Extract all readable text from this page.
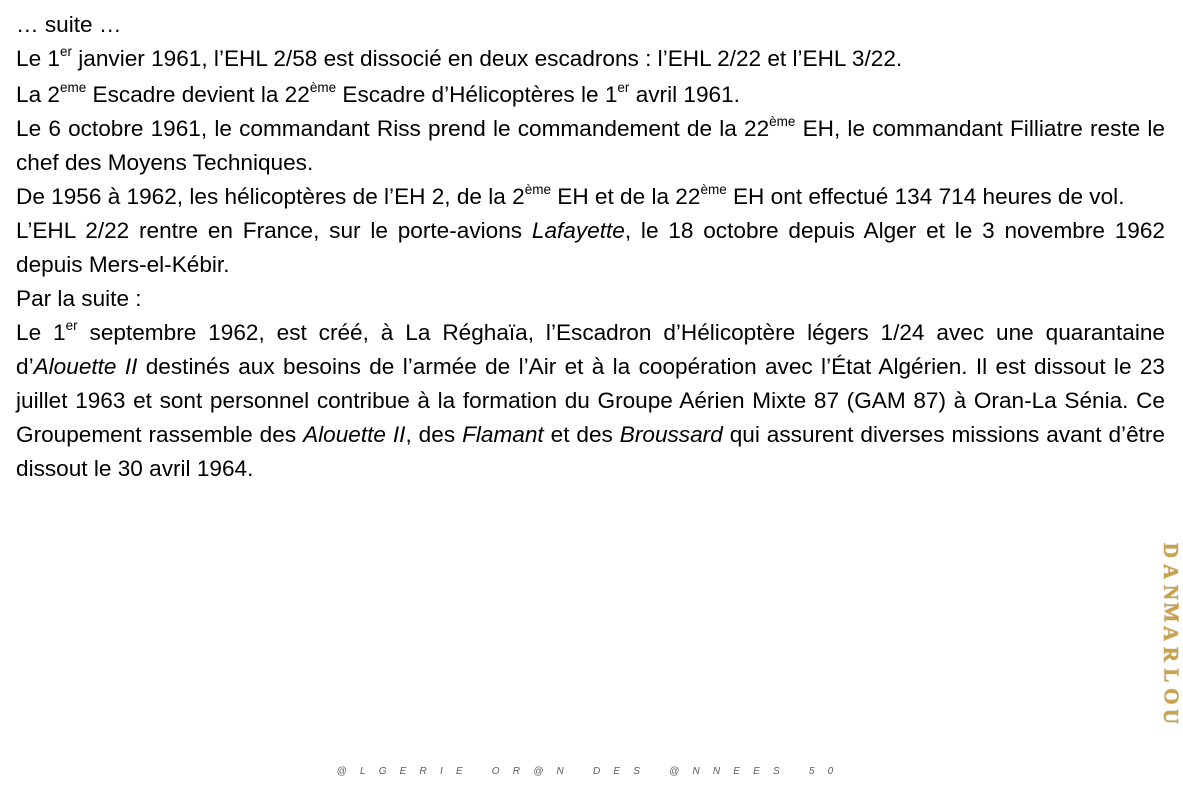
… suite …

Le 1er janvier 1961, l’EHL 2/58 est dissocié en deux escadrons : l’EHL 2/22 et l’EHL 3/22.

La 2eme Escadre devient la 22ème Escadre d’Hélicoptères le 1er avril 1961.

Le 6 octobre 1961, le commandant Riss prend le commandement de la 22ème EH, le commandant Filliatre reste le chef des Moyens Techniques.

De 1956 à 1962, les hélicoptères de l’EH 2, de la 2ème EH et de la 22ème EH ont effectué 134 714 heures de vol.

L’EHL 2/22 rentre en France, sur le porte-avions Lafayette, le 18 octobre depuis Alger et le 3 novembre 1962 depuis Mers-el-Kébir.

Par la suite :

Le 1er septembre 1962, est créé, à La Réghaïa, l’Escadron d’Hélicoptère légers 1/24 avec une quarantaine d’Alouette II destinés aux besoins de l’armée de l’Air et à la coopération avec l’État Algérien. Il est dissout le 23 juillet 1963 et sont personnel contribue à la formation du Groupe Aérien Mixte 87 (GAM 87) à Oran-La Sénia. Ce Groupement rassemble des Alouette II, des Flamant et des Broussard qui assurent diverses missions avant d’être dissout le 30 avril 1964.

D
A
N
M
A
R
L
O
U
@LGERIE OR@N DES @NNEES 50
